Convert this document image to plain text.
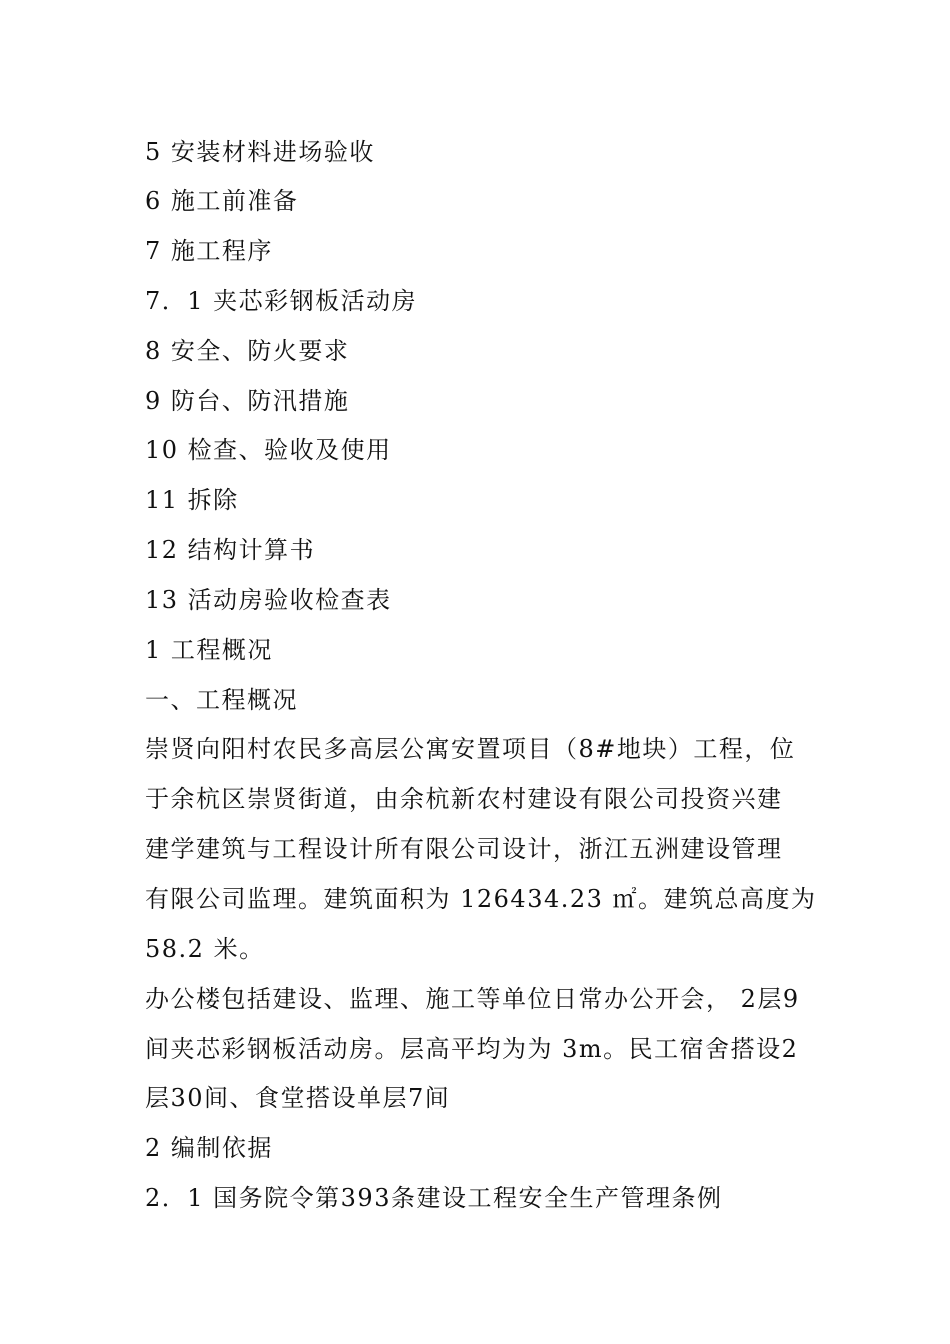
5 安装材料进场验收
6 施工前准备
7 施工程序
7．1 夹芯彩钢板活动房
8 安全、防火要求
9 防台、防汛措施
10 检查、验收及使用
11 拆除
12 结构计算书
13 活动房验收检查表
1 工程概况
一、工程概况
崇贤向阳村农民多高层公寓安置项目（8#地块）工程，位
于余杭区崇贤街道，由余杭新农村建设有限公司投资兴建
建学建筑与工程设计所有限公司设计，浙江五洲建设管理
有限公司监理。建筑面积为 126434.23 ㎡。建筑总高度为
58.2 米。
办公楼包括建设、监理、施工等单位日常办公开会， 2层9
间夹芯彩钢板活动房。层高平均为为 3m。民工宿舍搭设2
层30间、食堂搭设单层7间
2 编制依据
2．1 国务院令第393条建设工程安全生产管理条例
